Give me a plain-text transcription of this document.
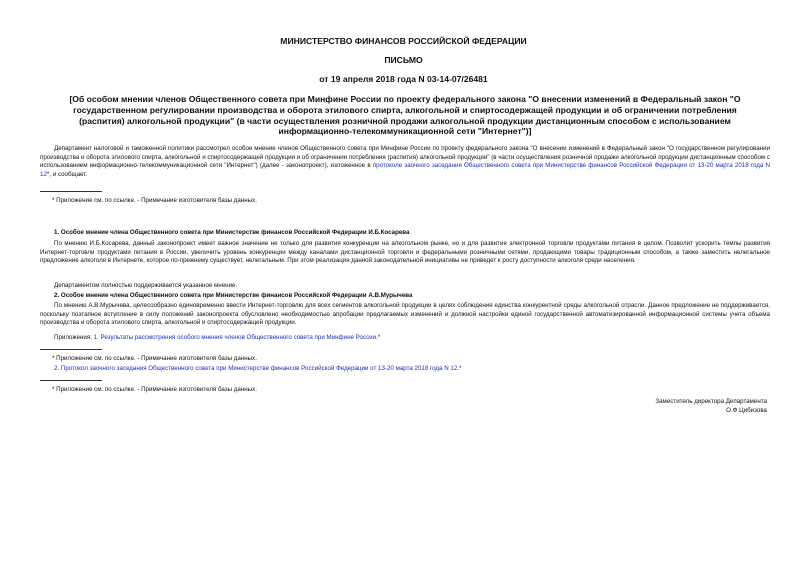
МИНИСТЕРСТВО ФИНАНСОВ РОССИЙСКОЙ ФЕДЕРАЦИИ
ПИСЬМО
от 19 апреля 2018 года N 03-14-07/26481
[Об особом мнении членов Общественного совета при Минфине России по проекту федерального закона "О внесении изменений в Федеральный закон "О государственном регулировании производства и оборота этилового спирта, алкогольной и спиртосодержащей продукции и об ограничении потребления (распития) алкогольной продукции" (в части осуществления розничной продажи алкогольной продукции дистанционным способом с использованием информационно-телекоммуникационной сети "Интернет")]
Департамент налоговой и таможенной политики рассмотрел особое мнение членов Общественного совета при Минфине России по проекту федерального закона "О внесении изменений в Федеральный закон "О государственном регулировании производства и оборота этилового спирта, алкогольной и спиртосодержащей продукции и об ограничении потребления (распития) алкогольной продукции" (в части осуществления розничной продажи алкогольной продукции дистанционным способом с использованием информационно-телекоммуникационной сети "Интернет") (далее - законопроект), изложенное в протоколе заочного заседания Общественного совета при Министерстве финансов Российской Федерации от 13-20 марта 2018 года N 12*, и сообщает.
* Приложение см. по ссылке. - Примечание изготовителя базы данных.
1. Особое мнение члена Общественного совета при Министерстве финансов Российской Федерации И.Б.Косарева
По мнению И.Б.Косарева, данный законопроект имеет важное значение не только для развития конкуренции на алкогольном рынке, но и для развития электронной торговли продуктами питания в целом. Позволит ускорить темпы развития Интернет-торговли продуктами питания в России, увеличить уровень конкуренции между каналами дистанционной торговли и федеральными розничными сетями, продающими товары традиционным способом, а также заместить нелегальное предложение алкоголя в Интернете, которое по-прежнему существует, нелегальным. При этом реализация данной законодательной инициативы не приведет к росту доступности алкоголя среди населения.
Департаментом полностью поддерживается указанное мнение.
2. Особое мнение члена Общественного совета при Министерстве финансов Российской Федерации А.В.Мурычева
По мнению А.В.Мурычева, целесообразно единовременно ввести Интернет-торговлю для всех сегментов алкогольной продукции в целях соблюдения единства конкурентной среды алкогольной отрасли. Данное предложение не поддерживается, поскольку поэтапное вступление в силу положений законопроекта обусловлено необходимостью апробации предлагаемых изменений и должной настройки единой государственной автоматизированной информационной системы учета объема производства и оборота этилового спирта, алкогольной и спиртосодержащей продукции.
Приложения: 1. Результаты рассмотрения особого мнения членов Общественного совета при Минфине России.*
* Приложение см. по ссылке. - Примечание изготовителя базы данных.
2. Протокол заочного заседания Общественного совета при Министерстве финансов Российской Федерации от 13-20 марта 2018 года N 12.*
* Приложение см. по ссылке. - Примечание изготовителя базы данных.
Заместитель директора Департамента
О.Ф.Цибизова
